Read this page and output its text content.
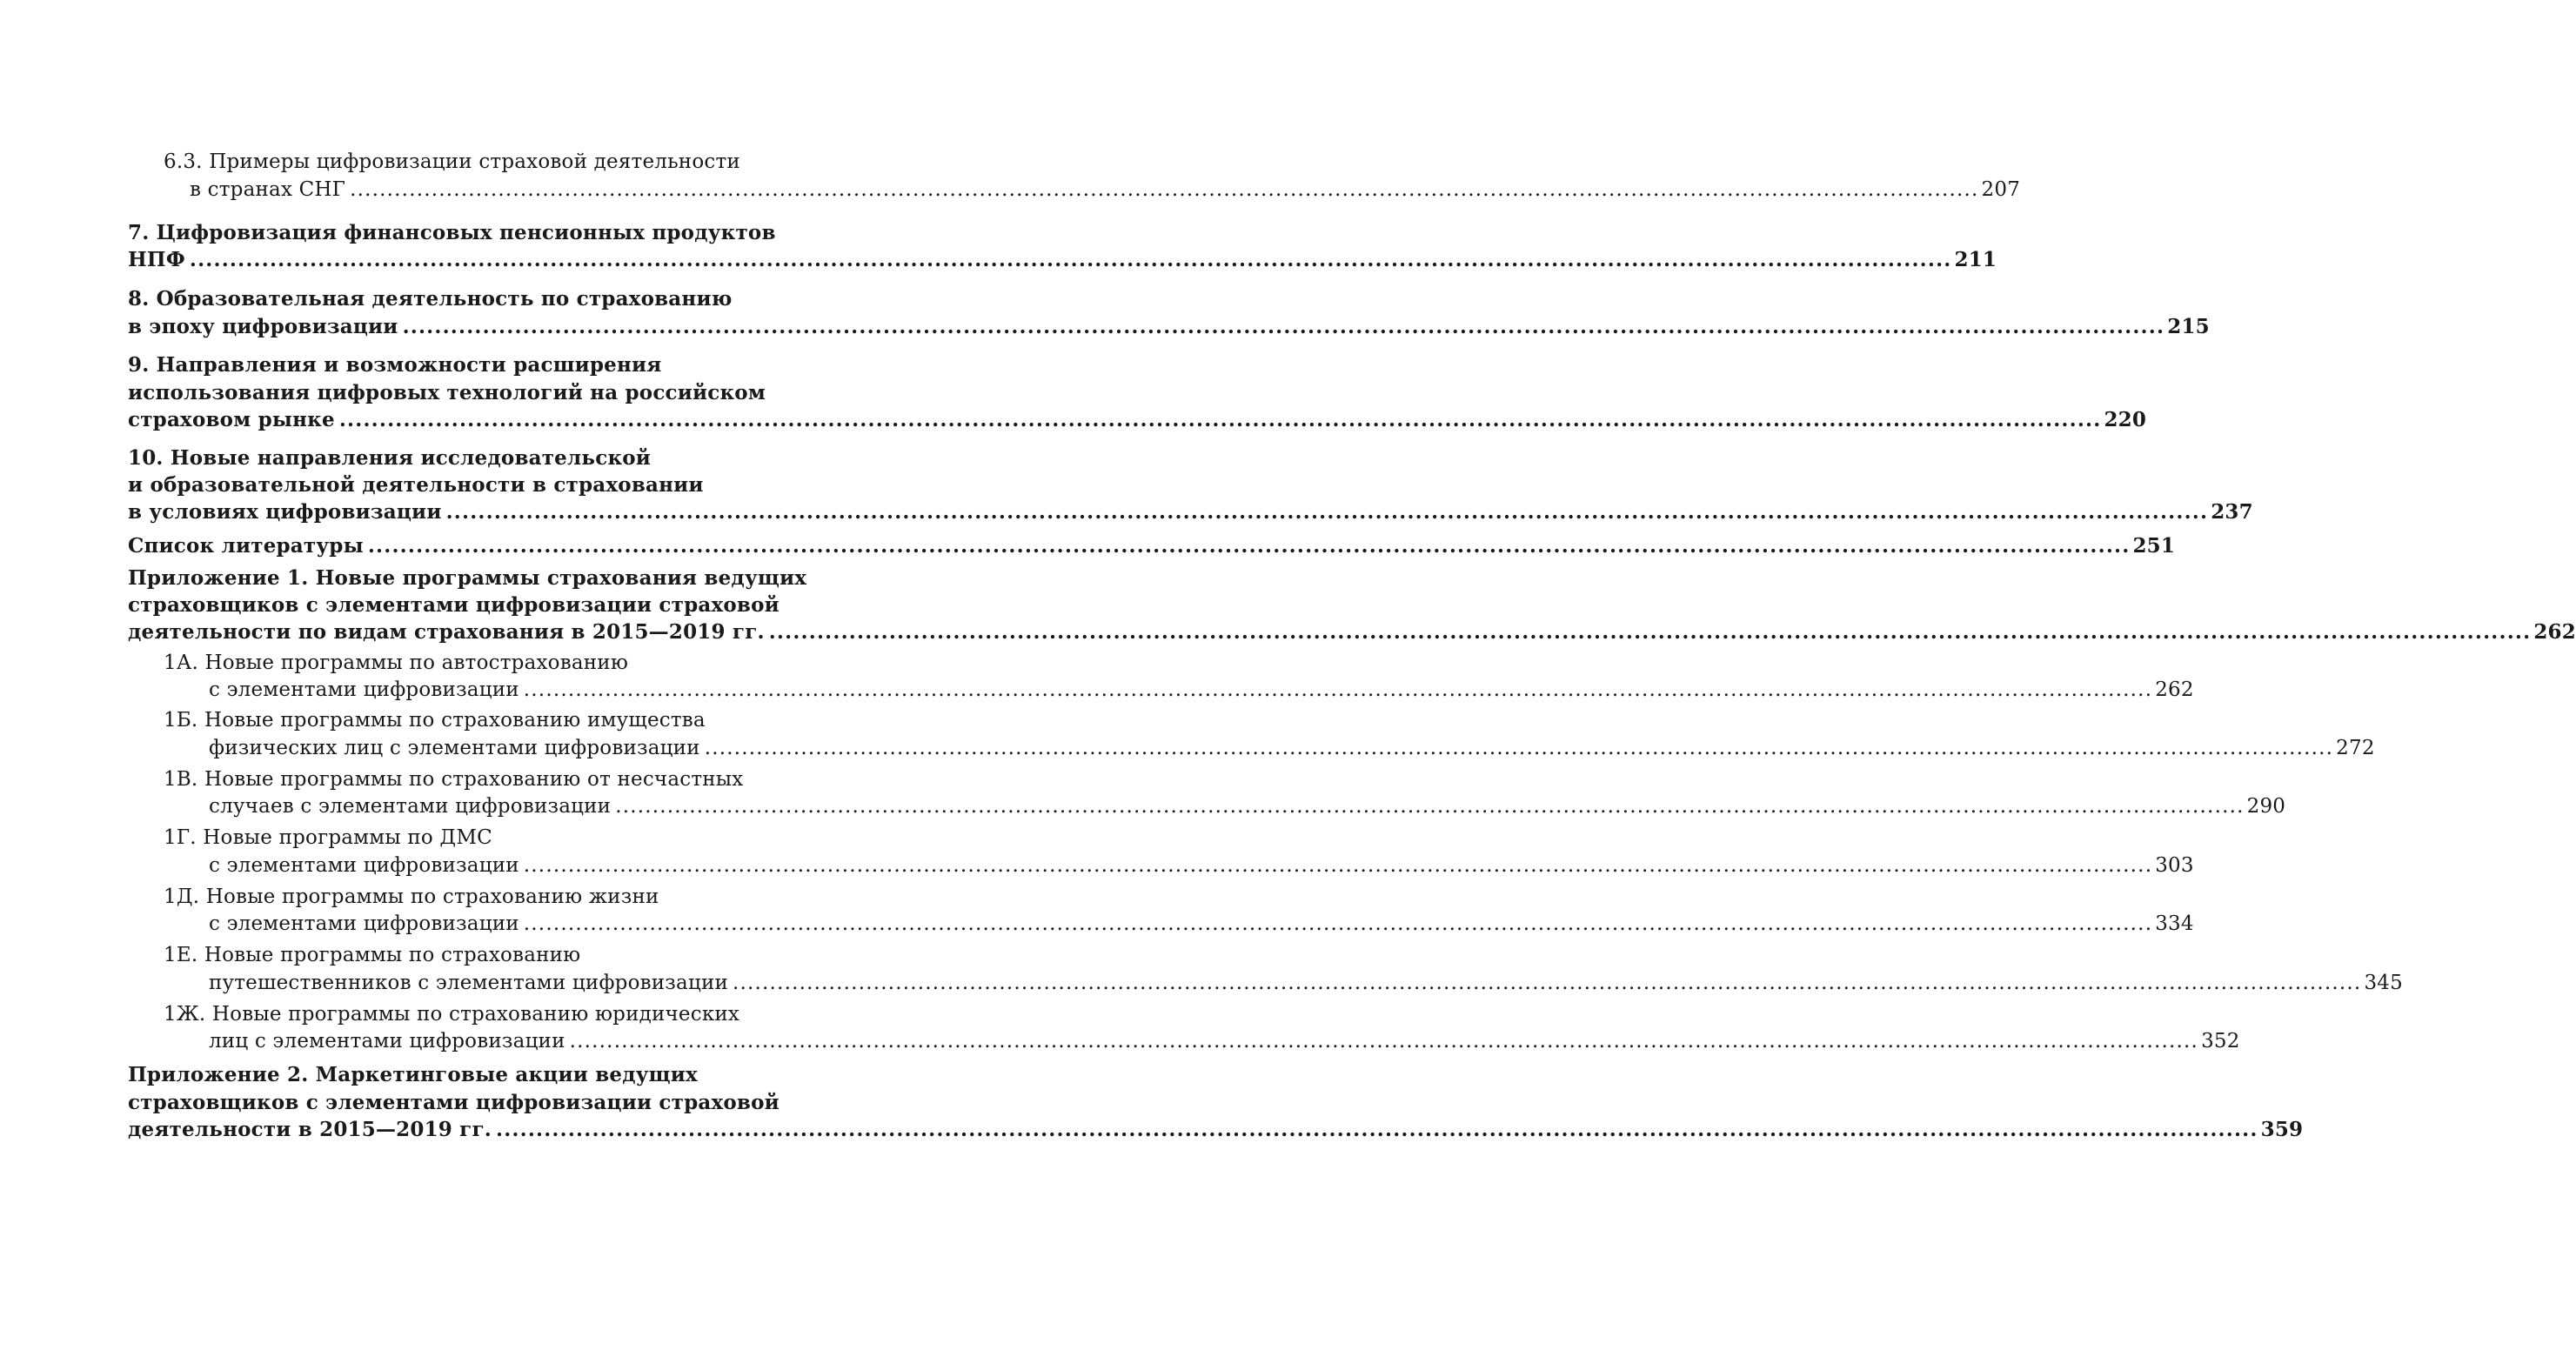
6.3. Примеры цифровизации страховой деятельности
в странах СНГ ............................................................................................................................................................................................................................ 207
7. Цифровизация финансовых пенсионных продуктов
НПФ ............................................................................................................................................................................................................................ 211
8. Образовательная деятельность по страхованию
в эпоху цифровизации ............................................................................................................................................................................................................................ 215
9. Направления и возможности расширения
использования цифровых технологий на российском
страховом рынке ............................................................................................................................................................................................................................ 220
10. Новые направления исследовательской
и образовательной деятельности в страховании
в условиях цифровизации ............................................................................................................................................................................................................................ 237
Список литературы ............................................................................................................................................................................................................................ 251
Приложение 1. Новые программы страхования ведущих
страховщиков с элементами цифровизации страховой
деятельности по видам страхования в 2015—2019 гг. ............................................................................................................................................................................................................................ 262
1А. Новые программы по автострахованию
с элементами цифровизации ............................................................................................................................................................................................................................ 262
1Б. Новые программы по страхованию имущества
физических лиц с элементами цифровизации ............................................................................................................................................................................................................................ 272
1В. Новые программы по страхованию от несчастных
случаев с элементами цифровизации ............................................................................................................................................................................................................................ 290
1Г. Новые программы по ДМС
с элементами цифровизации ............................................................................................................................................................................................................................ 303
1Д. Новые программы по страхованию жизни
с элементами цифровизации ............................................................................................................................................................................................................................ 334
1Е. Новые программы по страхованию
путешественников с элементами цифровизации ............................................................................................................................................................................................................................ 345
1Ж. Новые программы по страхованию юридических
лиц с элементами цифровизации ............................................................................................................................................................................................................................ 352
Приложение 2. Маркетинговые акции ведущих
страховщиков с элементами цифровизации страховой
деятельности в 2015—2019 гг. ............................................................................................................................................................................................................................ 359
